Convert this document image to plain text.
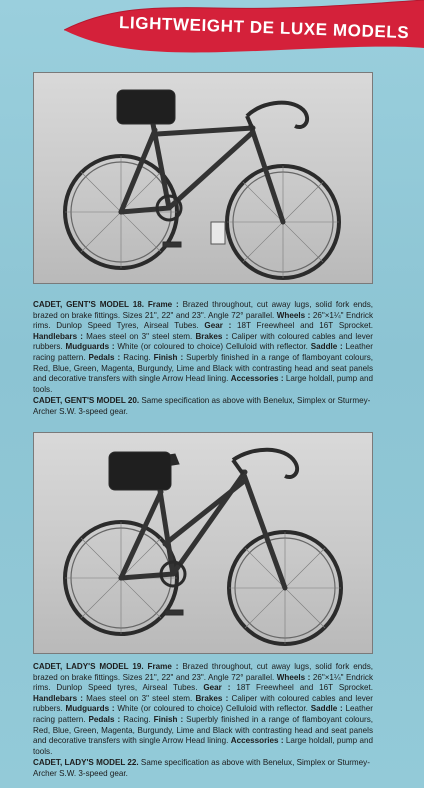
LIGHTWEIGHT DE LUXE MODELS

CADET, GENT'S MODEL 18. Frame : Brazed throughout, cut away lugs, solid fork ends, brazed on brake fittings. Sizes 21", 22" and 23". Angle 72° parallel. Wheels : 26"×1¼" Endrick rims. Dunlop Speed Tyres, Airseal Tubes. Gear : 18T Freewheel and 16T Sprocket. Handlebars : Maes steel on 3" steel stem. Brakes : Caliper with coloured cables and lever rubbers. Mudguards : White (or coloured to choice) Celluloid with reflector. Saddle : Leather racing pattern. Pedals : Racing. Finish : Superbly finished in a range of flamboyant colours, Red, Blue, Green, Magenta, Burgundy, Lime and Black with contrasting head and seat panels and decorative transfers with single Arrow Head lining. Accessories : Large holdall, pump and tools.

CADET, GENT'S MODEL 20. Same specification as above with Benelux, Simplex or Sturmey-Archer S.W. 3-speed gear.

CADET, LADY'S MODEL 19. Frame : Brazed throughout, cut away lugs, solid fork ends, brazed on brake fittings. Sizes 21", 22" and 23". Angle 72° parallel. Wheels : 26"×1¼" Endrick rims. Dunlop Speed tyres, Airseal Tubes. Gear : 18T Freewheel and 16T Sprocket. Handlebars : Maes steel on 3" steel stem. Brakes : Caliper with coloured cables and lever rubbers. Mudguards : White (or coloured to choice) Celluloid with reflector. Saddle : Leather racing pattern. Pedals : Racing. Finish : Superbly finished in a range of flamboyant colours, Red, Blue, Green, Magenta, Burgundy, Lime and Black with contrasting head and seat panels and decorative transfers with single Arrow Head lining. Accessories : Large holdall, pump and tools.

CADET, LADY'S MODEL 22. Same specification as above with Benelux, Simplex or Sturmey-Archer S.W. 3-speed gear.
